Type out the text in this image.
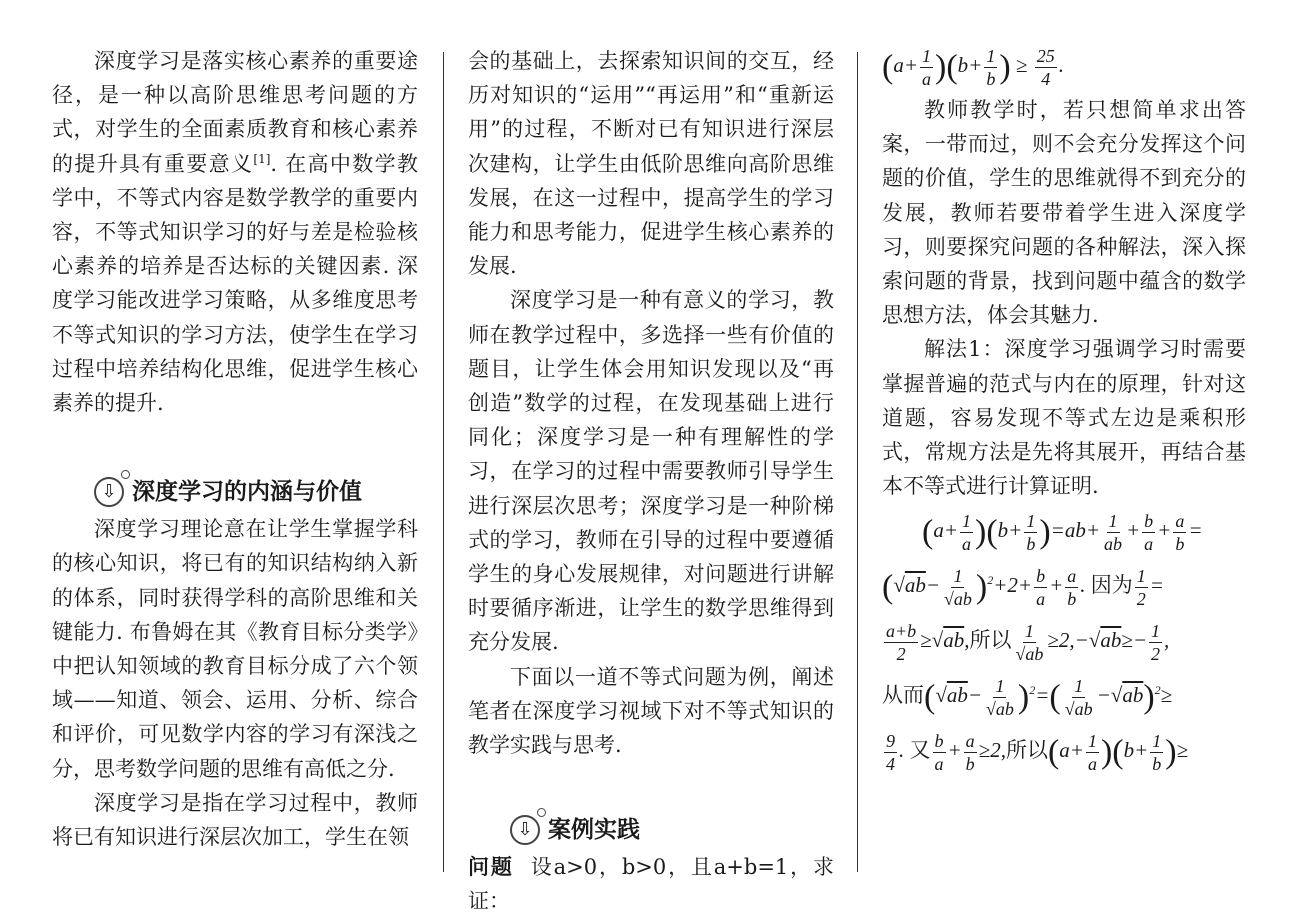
深度学习是落实核心素养的重要途径，是一种以高阶思维思考问题的方式，对学生的全面素质教育和核心素养的提升具有重要意义[1]. 在高中数学教学中，不等式内容是数学教学的重要内容，不等式知识学习的好与差是检验核心素养的培养是否达标的关键因素. 深度学习能改进学习策略，从多维度思考不等式知识的学习方法，使学生在学习过程中培养结构化思维，促进学生核心素养的提升.

⇩ 深度学习的内涵与价值

深度学习理论意在让学生掌握学科的核心知识，将已有的知识结构纳入新的体系，同时获得学科的高阶思维和关键能力. 布鲁姆在其《教育目标分类学》中把认知领域的教育目标分成了六个领域——知道、领会、运用、分析、综合和评价，可见数学内容的学习有深浅之分，思考数学问题的思维有高低之分.

深度学习是指在学习过程中，教师将已有知识进行深层次加工，学生在领

会的基础上，去探索知识间的交互，经历对知识的“运用”“再运用”和“重新运用”的过程，不断对已有知识进行深层次建构，让学生由低阶思维向高阶思维发展，在这一过程中，提高学生的学习能力和思考能力，促进学生核心素养的发展.

深度学习是一种有意义的学习，教师在教学过程中，多选择一些有价值的题目，让学生体会用知识发现以及“再创造”数学的过程，在发现基础上进行同化；深度学习是一种有理解性的学习，在学习的过程中需要教师引导学生进行深层次思考；深度学习是一种阶梯式的学习，教师在引导的过程中要遵循学生的身心发展规律，对问题进行讲解时要循序渐进，让学生的数学思维得到充分发展.

下面以一道不等式问题为例，阐述笔者在深度学习视域下对不等式知识的教学实践与思考.

⇩ 案例实践

问题 设a>0，b>0，且a+b=1，求证：

$(a+ \frac{1}{a} )(b+ \frac{1}{b}$ ) ≥ $\frac{25}{4}$ .

教师教学时，若只想简单求出答案，一带而过，则不会充分发挥这个问题的价值，学生的思维就得不到充分的发展，教师若要带着学生进入深度学习，则要探究问题的各种解法，深入探索问题的背景，找到问题中蕴含的数学思想方法，体会其魅力.

解法1：深度学习强调学习时需要掌握普遍的范式与内在的原理，针对这道题，容易发现不等式左边是乘积形式，常规方法是先将其展开，再结合基本不等式进行计算证明.

$(a+ \frac{1}{a} )(b+ \frac{1}{b} )=ab+ \frac{1}{ab} + \frac{b}{a} + \frac{a}{b}$ =
$(√ab- \frac{1}{√ab} )^2+2+ \frac{b}{a} + \frac{a}{b}$ . 因为 $\frac{1}{2}$ =
$\frac{a+b}{2} \ge√ab$,所以 $\frac{1}{√ab} \ge 2,-√ab\ge- \frac{1}{2}$ ,
从而$(√ab- \frac{1}{√ab} )^2=( \frac{1}{√ab} -√ab)^2\ge$
$\frac{9}{4}$ . 又 $\frac{b}{a} + \frac{a}{b} \ge 2$,所以$(a+ \frac{1}{a} )(b+ \frac{1}{b}$ )≥
